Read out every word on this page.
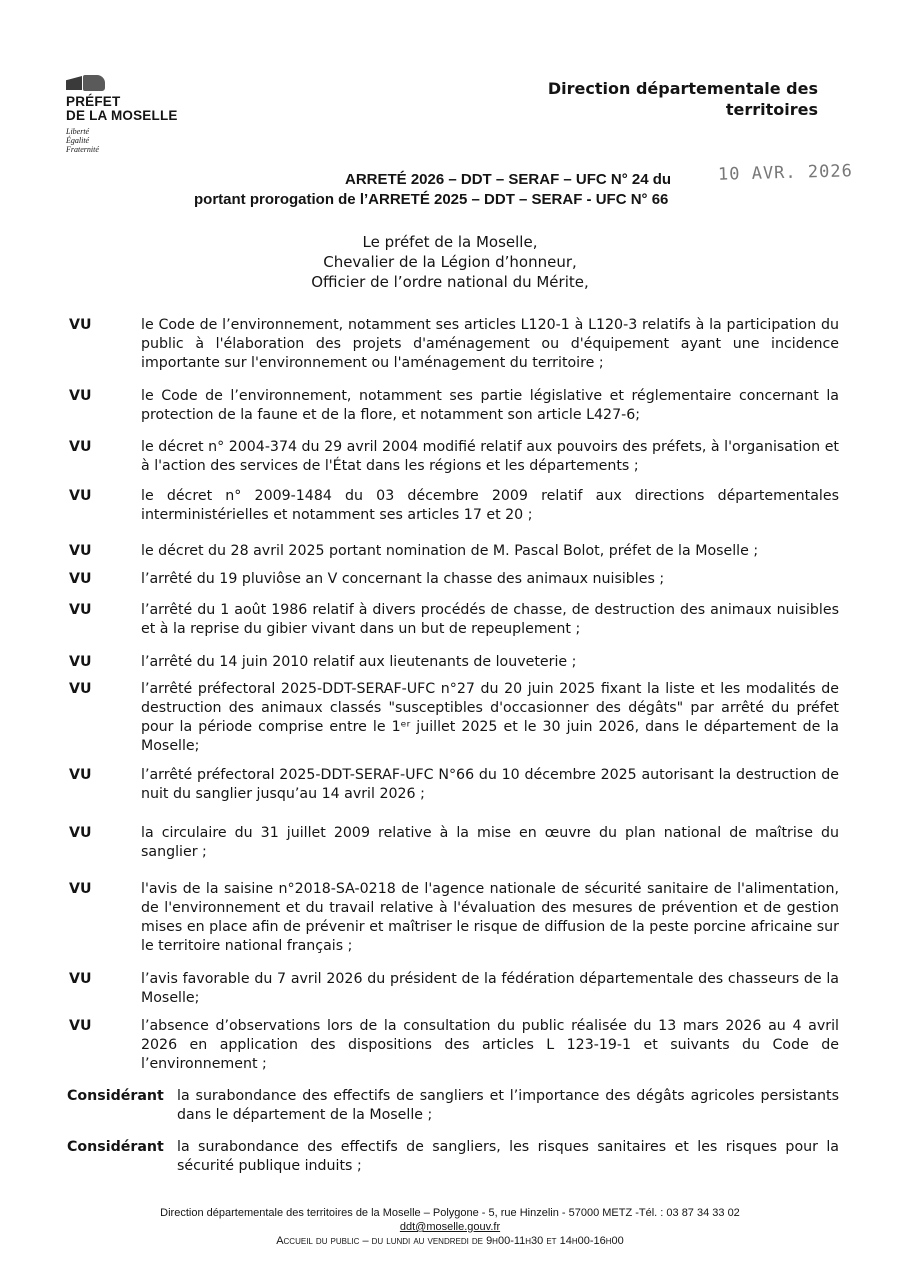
PRÉFET
DE LA MOSELLE
Liberté
Égalité
Fraternité
Direction départementale des
territoires
ARRETÉ 2026 – DDT – SERAF – UFC N° 24 du
portant prorogation de l’ARRETÉ 2025 – DDT – SERAF - UFC N° 66
10 AVR. 2026
Le préfet de la Moselle,
Chevalier de la Légion d’honneur,
Officier de l’ordre national du Mérite,
VU	le Code de l’environnement, notamment ses articles L120-1 à L120-3 relatifs à la participation du public à l'élaboration des projets d'aménagement ou d'équipement ayant une incidence importante sur l'environnement ou l'aménagement du territoire ;
VU	le Code de l’environnement, notamment ses partie législative et réglementaire concernant la protection de la faune et de la flore, et notamment son article L427-6;
VU	le décret n° 2004-374 du 29 avril 2004 modifié relatif aux pouvoirs des préfets, à l'organisation et à l'action des services de l'État dans les régions et les départements ;
VU	le décret n° 2009-1484 du 03 décembre 2009 relatif aux directions départementales interministérielles et notamment ses articles 17 et 20 ;
VU	le décret du 28 avril 2025 portant nomination de M. Pascal Bolot, préfet de la Moselle ;
VU	l’arrêté du 19 pluviôse an V concernant la chasse des animaux nuisibles ;
VU	l’arrêté du 1 août 1986 relatif à divers procédés de chasse, de destruction des animaux nuisibles et à la reprise du gibier vivant dans un but de repeuplement ;
VU	l’arrêté du 14 juin 2010 relatif aux lieutenants de louveterie ;
VU	l’arrêté préfectoral 2025-DDT-SERAF-UFC n°27 du 20 juin 2025 fixant la liste et les modalités de destruction des animaux classés "susceptibles d'occasionner des dégâts" par arrêté du préfet pour la période comprise entre le 1ᵉʳ juillet 2025 et le 30 juin 2026, dans le département de la Moselle;
VU	l’arrêté préfectoral 2025-DDT-SERAF-UFC N°66 du 10 décembre 2025 autorisant la destruction de nuit du sanglier jusqu’au 14 avril 2026 ;
VU	la circulaire du 31 juillet 2009 relative à la mise en œuvre du plan national de maîtrise du sanglier ;
VU	l'avis de la saisine n°2018-SA-0218 de l'agence nationale de sécurité sanitaire de l'alimentation, de l'environnement et du travail relative à l'évaluation des mesures de prévention et de gestion mises en place afin de prévenir et maîtriser le risque de diffusion de la peste porcine africaine sur le territoire national français ;
VU	l’avis favorable du 7 avril 2026 du président de la fédération départementale des chasseurs de la Moselle;
VU	l’absence d’observations lors de la consultation du public réalisée du 13 mars 2026 au 4 avril 2026 en application des dispositions des articles L 123-19-1 et suivants du Code de l’environnement ;
Considérant la surabondance des effectifs de sangliers et l’importance des dégâts agricoles persistants dans le département de la Moselle ;
Considérant la surabondance des effectifs de sangliers, les risques sanitaires et les risques pour la sécurité publique induits ;
Direction départementale des territoires de la Moselle – Polygone - 5, rue Hinzelin - 57000 METZ -Tél. : 03 87 34 33 02
ddt@moselle.gouv.fr
Accueil du public – du lundi au vendredi de 9h00-11h30 et 14h00-16h00
